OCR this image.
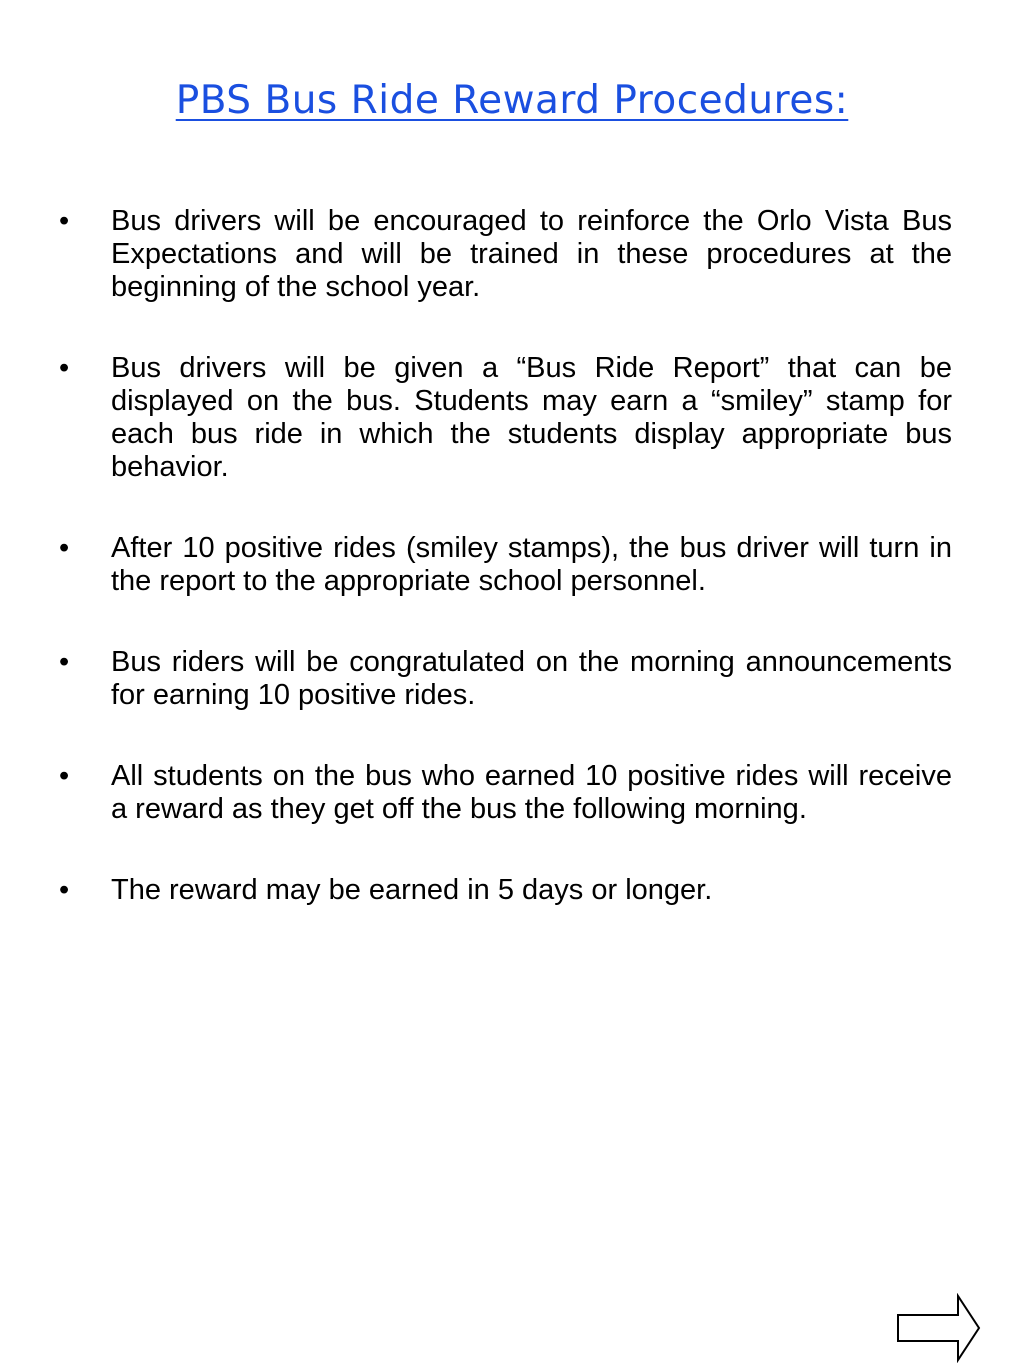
PBS Bus Ride Reward Procedures:
• Bus drivers will be encouraged to reinforce the Orlo Vista Bus Expectations and will be trained in these procedures at the beginning of the school year.
• Bus drivers will be given a “Bus Ride Report” that can be displayed on the bus. Students may earn a “smiley” stamp for each bus ride in which the students display appropriate bus behavior.
• After 10 positive rides (smiley stamps), the bus driver will turn in the report to the appropriate school personnel.
• Bus riders will be congratulated on the morning announcements for earning 10 positive rides.
• All students on the bus who earned 10 positive rides will receive a reward as they get off the bus the following morning.
• The reward may be earned in 5 days or longer.
